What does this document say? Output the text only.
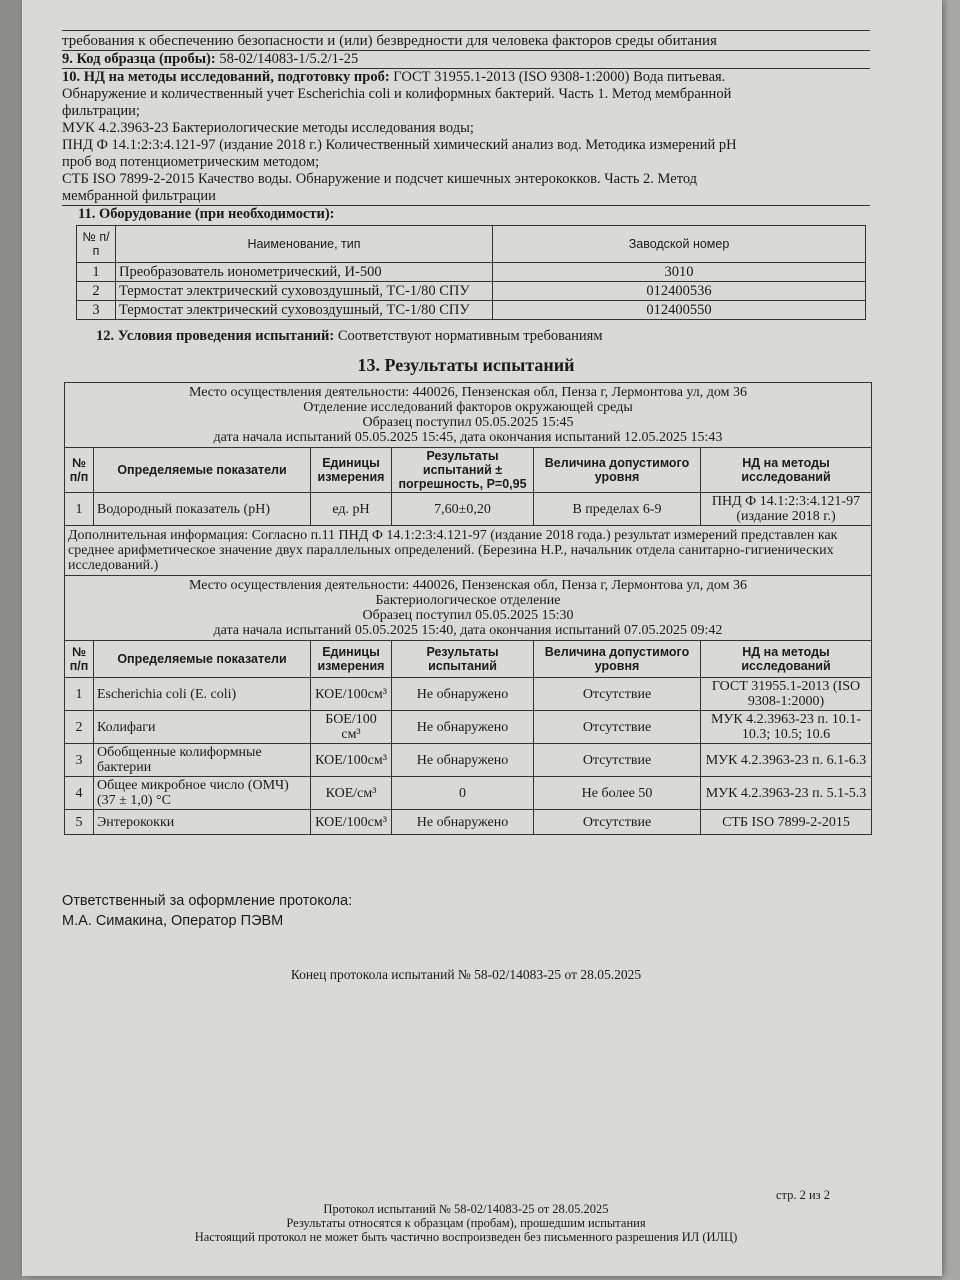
требования к обеспечению безопасности и (или) безвредности для человека факторов среды обитания

9. Код образца (пробы): 58-02/14083-1/5.2/1-25

10. НД на методы исследований, подготовку проб: ГОСТ 31955.1-2013 (ISO 9308-1:2000) Вода питьевая.

Обнаружение и количественный учет Escherichia coli и колиформных бактерий. Часть 1. Метод мембранной

фильтрации;

МУК 4.2.3963-23 Бактериологические методы исследования воды;

ПНД Ф 14.1:2:3:4.121-97 (издание 2018 г.) Количественный химический анализ вод. Методика измерений pH

проб вод потенциометрическим методом;

СТБ ISO 7899-2-2015 Качество воды. Обнаружение и подсчет кишечных энтерококков. Часть 2. Метод

мембранной фильтрации

11. Оборудование (при необходимости):

№ п/п	Наименование, тип	Заводской номер
1	Преобразователь ионометрический, И-500	3010
2	Термостат электрический суховоздушный, ТС-1/80 СПУ	012400536
3	Термостат электрический суховоздушный, ТС-1/80 СПУ	012400550

12. Условия проведения испытаний: Соответствуют нормативным требованиям

13. Результаты испытаний
Место осуществления деятельности: 440026, Пензенская обл, Пенза г, Лермонтова ул, дом 36
Отделение исследований факторов окружающей среды
Образец поступил 05.05.2025 15:45
дата начала испытаний 05.05.2025 15:45, дата окончания испытаний 12.05.2025 15:43					

№ п/п	Определяемые показатели	Единицы измерения	Результаты испытаний ± погрешность, P=0,95	Величина допустимого уровня	НД на методы исследований
1	Водородный показатель (pH)	ед. pH	7,60±0,20	В пределах 6-9	ПНД Ф 14.1:2:3:4.121-97 (издание 2018 г.)
Дополнительная информация: Согласно п.11 ПНД Ф 14.1:2:3:4.121-97 (издание 2018 года.) результат измерений представлен как среднее арифметическое значение двух параллельных определений. (Березина Н.Р., начальник отдела санитарно-гигиенических исследований.)					

Место осуществления деятельности: 440026, Пензенская обл, Пенза г, Лермонтова ул, дом 36
Бактериологическое отделение
Образец поступил 05.05.2025 15:30
дата начала испытаний 05.05.2025 15:40, дата окончания испытаний 07.05.2025 09:42					

№ п/п	Определяемые показатели	Единицы измерения	Результаты испытаний	Величина допустимого уровня	НД на методы исследований
1	Escherichia coli (E. coli)	КОЕ/100см³	Не обнаружено	Отсутствие	ГОСТ 31955.1-2013 (ISO 9308-1:2000)
2	Колифаги	БОЕ/100 см³	Не обнаружено	Отсутствие	МУК 4.2.3963-23 п. 10.1-10.3; 10.5; 10.6
3	Обобщенные колиформные бактерии	КОЕ/100см³	Не обнаружено	Отсутствие	МУК 4.2.3963-23 п. 6.1-6.3
4	Общее микробное число (ОМЧ) (37 ± 1,0) °С	КОЕ/см³	0	Не более 50	МУК 4.2.3963-23 п. 5.1-5.3
5	Энтерококки	КОЕ/100см³	Не обнаружено	Отсутствие	СТБ ISO 7899-2-2015
Ответственный за оформление протокола:
М.А. Симакина, Оператор ПЭВМ
Конец протокола испытаний № 58-02/14083-25 от 28.05.2025
стр. 2 из 2
Протокол испытаний № 58-02/14083-25 от 28.05.2025
Результаты относятся к образцам (пробам), прошедшим испытания
Настоящий протокол не может быть частично воспроизведен без письменного разрешения ИЛ (ИЛЦ)
